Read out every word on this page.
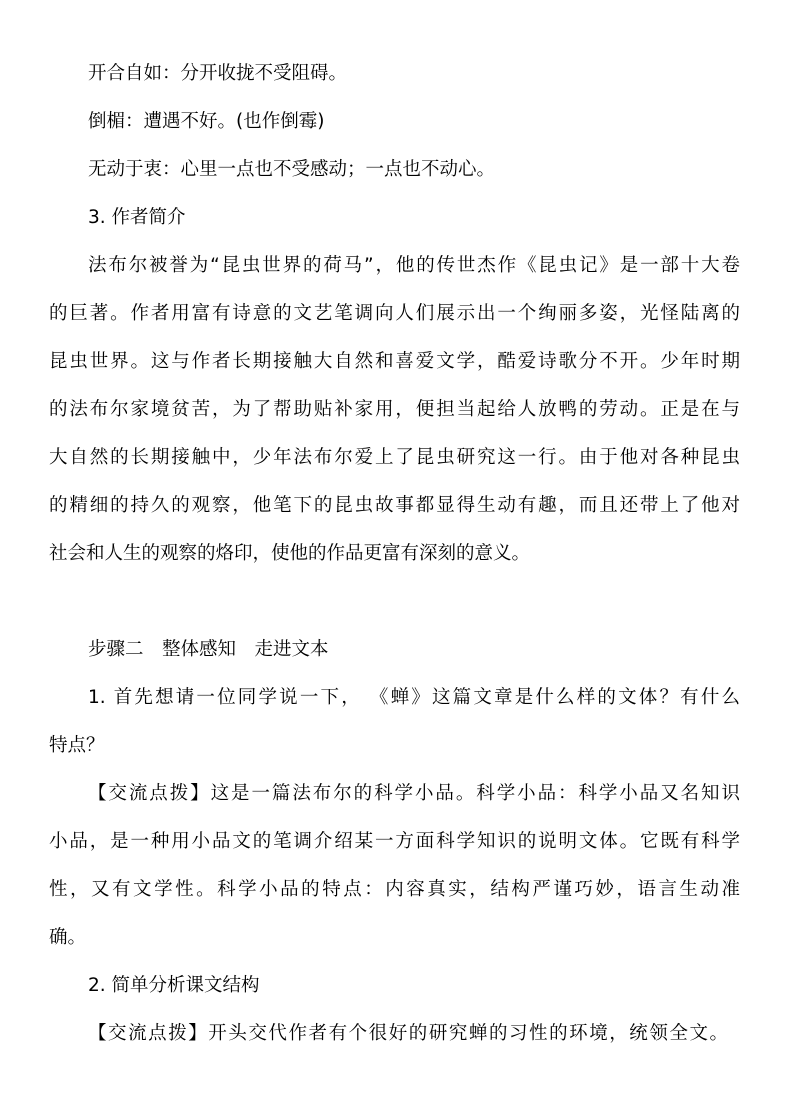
开合自如：分开收拢不受阻碍。
倒楣：遭遇不好。(也作倒霉)
无动于衷：心里一点也不受感动；一点也不动心。
3. 作者简介
法布尔被誉为“昆虫世界的荷马”，他的传世杰作《昆虫记》是一部十大卷
的巨著。作者用富有诗意的文艺笔调向人们展示出一个绚丽多姿，光怪陆离的
昆虫世界。这与作者长期接触大自然和喜爱文学，酷爱诗歌分不开。少年时期
的法布尔家境贫苦，为了帮助贴补家用，便担当起给人放鸭的劳动。正是在与
大自然的长期接触中，少年法布尔爱上了昆虫研究这一行。由于他对各种昆虫
的精细的持久的观察，他笔下的昆虫故事都显得生动有趣，而且还带上了他对
社会和人生的观察的烙印，使他的作品更富有深刻的意义。
步骤二　整体感知　走进文本
1. 首先想请一位同学说一下， 《蝉》这篇文章是什么样的文体？有什么
特点？
【交流点拨】这是一篇法布尔的科学小品。科学小品：科学小品又名知识
小品，是一种用小品文的笔调介绍某一方面科学知识的说明文体。它既有科学
性，又有文学性。科学小品的特点：内容真实，结构严谨巧妙，语言生动准
确。
2. 简单分析课文结构
【交流点拨】开头交代作者有个很好的研究蝉的习性的环境，统领全文。
